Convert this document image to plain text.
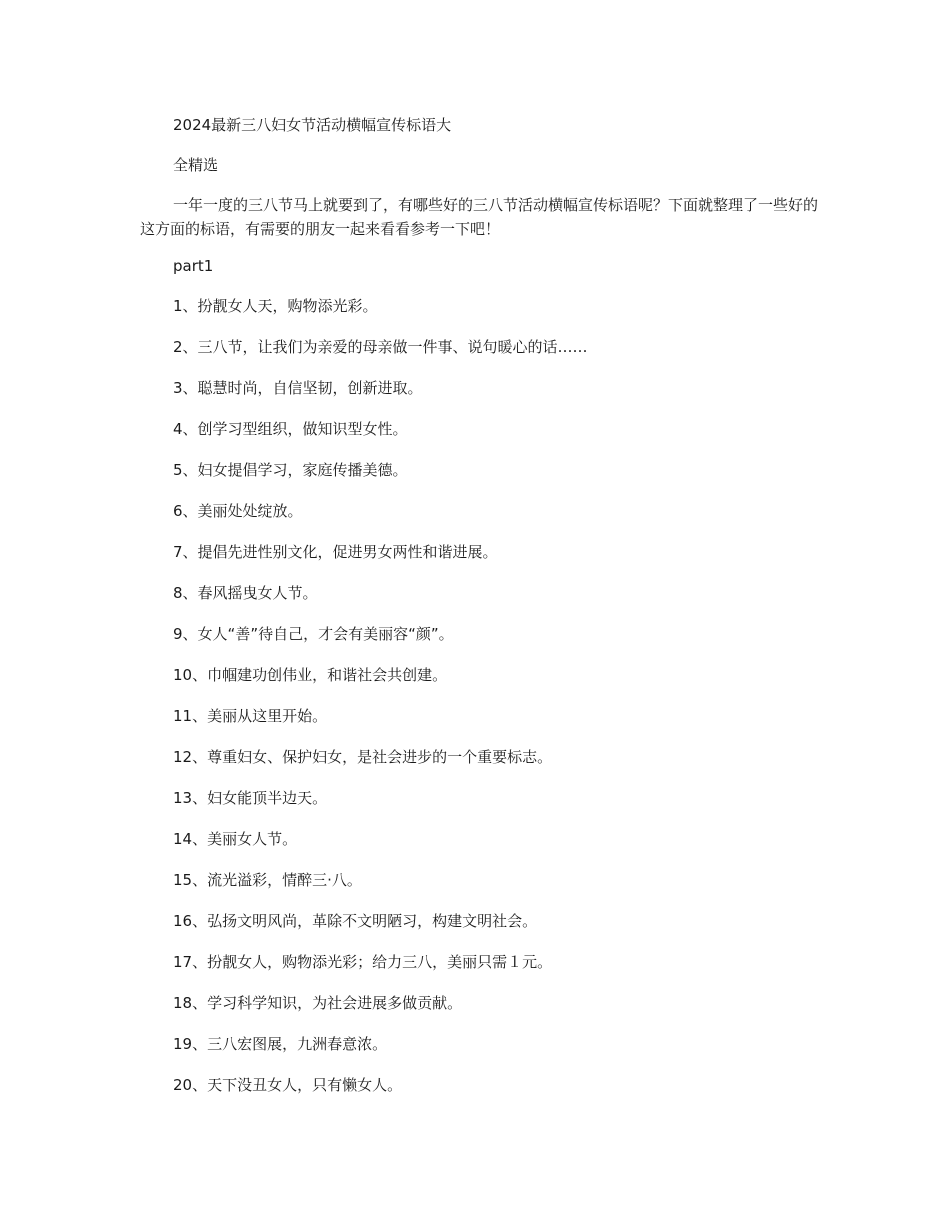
2024最新三八妇女节活动横幅宣传标语大
全精选
一年一度的三八节马上就要到了，有哪些好的三八节活动横幅宣传标语呢？下面就整理了一些好的这方面的标语，有需要的朋友一起来看看参考一下吧！
part1
1、扮靓女人天，购物添光彩。
2、三八节，让我们为亲爱的母亲做一件事、说句暖心的话……
3、聪慧时尚，自信坚韧，创新进取。
4、创学习型组织，做知识型女性。
5、妇女提倡学习，家庭传播美德。
6、美丽处处绽放。
7、提倡先进性别文化，促进男女两性和谐进展。
8、春风摇曳女人节。
9、女人“善”待自己，才会有美丽容“颜”。
10、巾帼建功创伟业，和谐社会共创建。
11、美丽从这里开始。
12、尊重妇女、保护妇女，是社会进步的一个重要标志。
13、妇女能顶半边天。
14、美丽女人节。
15、流光溢彩，情醉三·八。
16、弘扬文明风尚，革除不文明陋习，构建文明社会。
17、扮靓女人，购物添光彩；给力三八，美丽只需１元。
18、学习科学知识，为社会进展多做贡献。
19、三八宏图展，九洲春意浓。
20、天下没丑女人，只有懒女人。
